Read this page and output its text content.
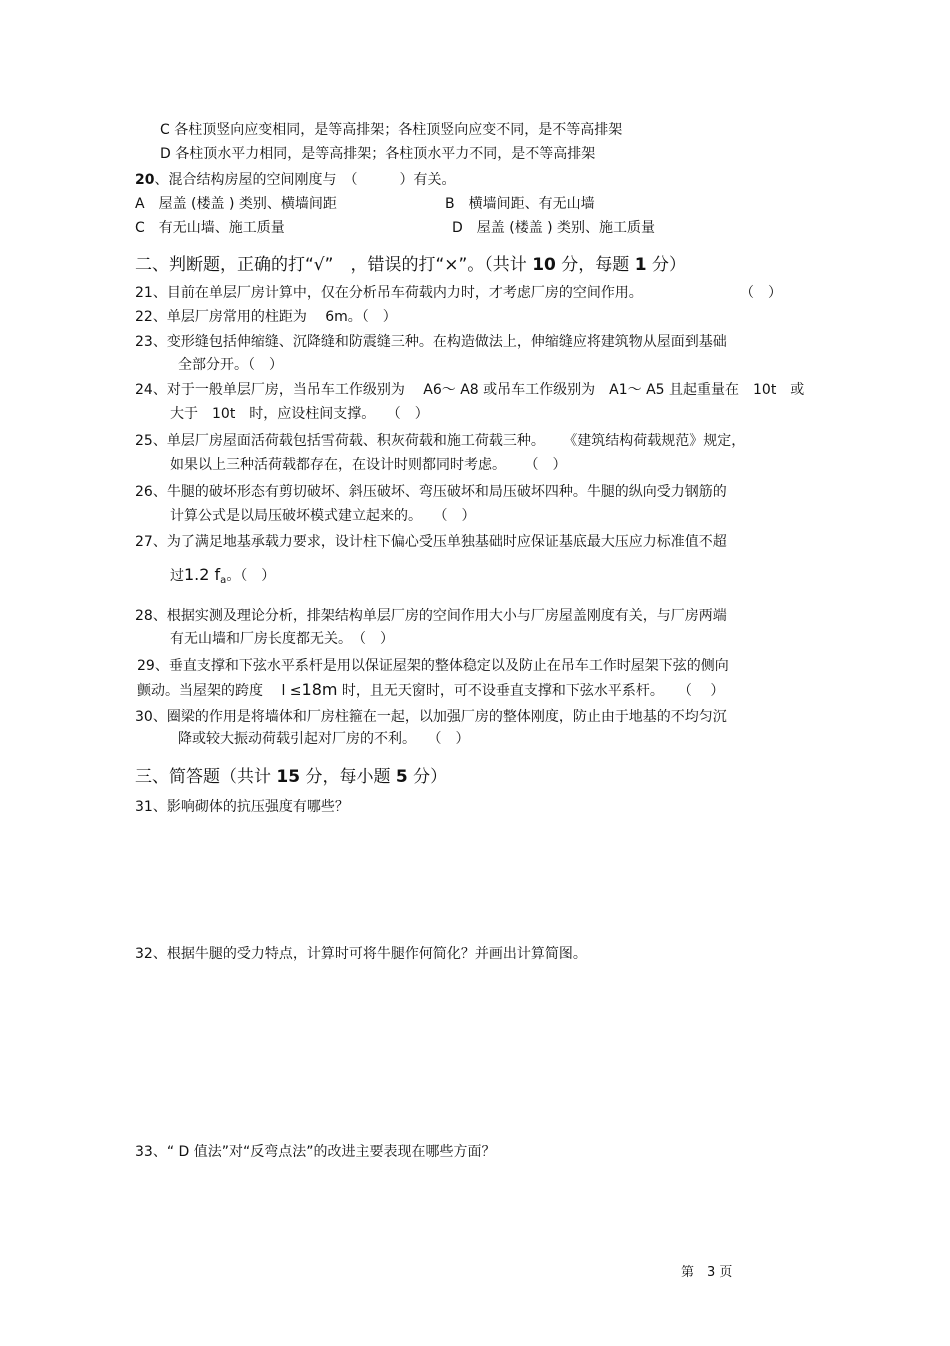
C 各柱顶竖向应变相同，是等高排架；各柱顶竖向应变不同，是不等高排架
D 各柱顶水平力相同，是等高排架；各柱顶水平力不同，是不等高排架
20、混合结构房屋的空间刚度与　（　　　）有关。
A　屋盖 (楼盖 ) 类别、横墙间距	B　横墙间距、有无山墙
C　有无山墙、施工质量	D　屋盖 (楼盖 ) 类别、施工质量
二、判断题，正确的打“√”　，错误的打“×”。（共计 10 分，每题 1 分）
21、目前在单层厂房计算中，仅在分析吊车荷载内力时，才考虑厂房的空间作用。	（　）
22、单层厂房常用的柱距为　 6m。（　）
23、变形缝包括伸缩缝、沉降缝和防震缝三种。在构造做法上，伸缩缝应将建筑物从屋面到基础
全部分开。（　）
24、对于一般单层厂房，当吊车工作级别为　 A6～ A8 或吊车工作级别为　A1～ A5 且起重量在　10t　或
大于　10t　时，应设柱间支撑。　 （　）
25、单层厂房屋面活荷载包括雪荷载、积灰荷载和施工荷载三种。　 　《建筑结构荷载规范》规定，
如果以上三种活荷载都存在，在设计时则都同时考虑。　 　（　）
26、牛腿的破坏形态有剪切破坏、斜压破坏、弯压破坏和局压破坏四种。牛腿的纵向受力钢筋的
计算公式是以局压破坏模式建立起来的。　 （　）
27、为了满足地基承载力要求，设计柱下偏心受压单独基础时应保证基底最大压应力标准值不超
过1.2 $f_a$。（　）
28、根据实测及理论分析，排架结构单层厂房的空间作用大小与厂房屋盖刚度有关，与厂房两端
有无山墙和厂房长度都无关。　（　）
29、垂直支撑和下弦水平系杆是用以保证屋架的整体稳定以及防止在吊车工作时屋架下弦的侧向
颤动。当屋架的跨度　 l ≤18m 时，且无天窗时，可不设垂直支撑和下弦水平系杆。　　（　 ）
30、圈梁的作用是将墙体和厂房柱箍在一起，以加强厂房的整体刚度，防止由于地基的不均匀沉
降或较大振动荷载引起对厂房的不利。　 （　）
三、简答题（共计 15 分，每小题 5 分）
31、影响砌体的抗压强度有哪些？
32、根据牛腿的受力特点，计算时可将牛腿作何简化？并画出计算简图。
33、“ D 值法”对“反弯点法”的改进主要表现在哪些方面？
第　3 页
